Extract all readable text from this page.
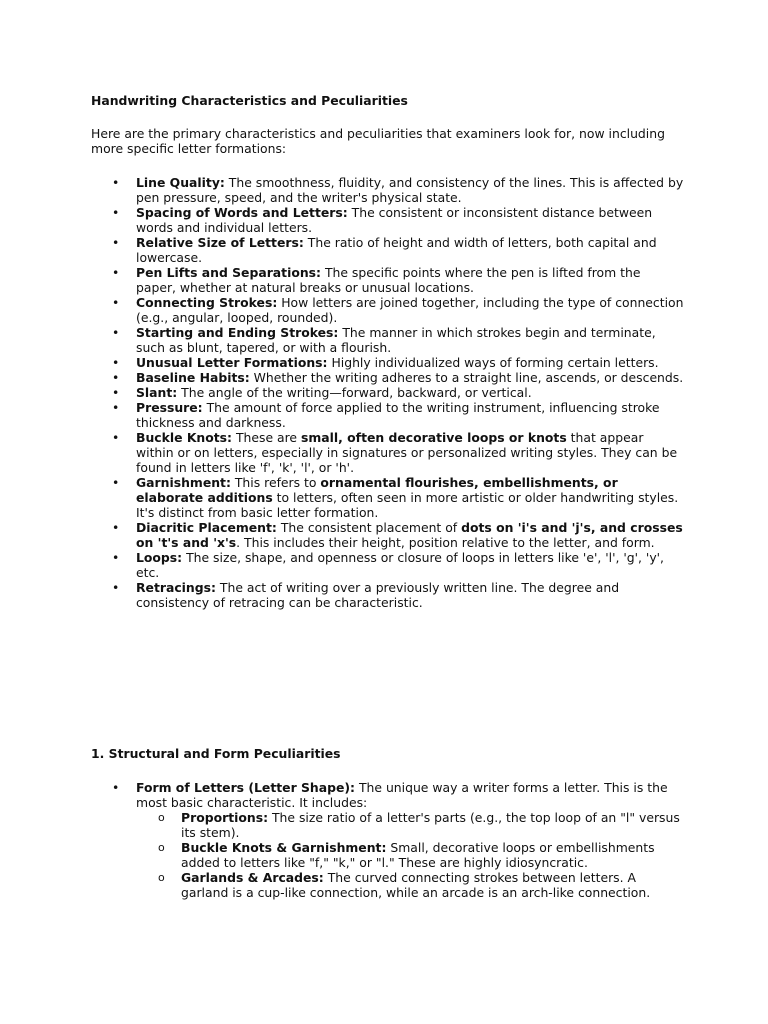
Handwriting Characteristics and Peculiarities

Here are the primary characteristics and peculiarities that examiners look for, now including more specific letter formations:

• Line Quality: The smoothness, fluidity, and consistency of the lines. This is affected by pen pressure, speed, and the writer's physical state.
• Spacing of Words and Letters: The consistent or inconsistent distance between words and individual letters.
• Relative Size of Letters: The ratio of height and width of letters, both capital and lowercase.
• Pen Lifts and Separations: The specific points where the pen is lifted from the paper, whether at natural breaks or unusual locations.
• Connecting Strokes: How letters are joined together, including the type of connection (e.g., angular, looped, rounded).
• Starting and Ending Strokes: The manner in which strokes begin and terminate, such as blunt, tapered, or with a flourish.
• Unusual Letter Formations: Highly individualized ways of forming certain letters.
• Baseline Habits: Whether the writing adheres to a straight line, ascends, or descends.
• Slant: The angle of the writing—forward, backward, or vertical.
• Pressure: The amount of force applied to the writing instrument, influencing stroke thickness and darkness.
• Buckle Knots: These are small, often decorative loops or knots that appear within or on letters, especially in signatures or personalized writing styles. They can be found in letters like 'f', 'k', 'l', or 'h'.
• Garnishment: This refers to ornamental flourishes, embellishments, or elaborate additions to letters, often seen in more artistic or older handwriting styles. It's distinct from basic letter formation.
• Diacritic Placement: The consistent placement of dots on 'i's and 'j's, and crosses on 't's and 'x's. This includes their height, position relative to the letter, and form.
• Loops: The size, shape, and openness or closure of loops in letters like 'e', 'l', 'g', 'y', etc.
• Retracings: The act of writing over a previously written line. The degree and consistency of retracing can be characteristic.
1. Structural and Form Peculiarities
• Form of Letters (Letter Shape): The unique way a writer forms a letter. This is the most basic characteristic. It includes:
o Proportions: The size ratio of a letter's parts (e.g., the top loop of an "l" versus its stem).
o Buckle Knots & Garnishment: Small, decorative loops or embellishments added to letters like "f," "k," or "l." These are highly idiosyncratic.
o Garlands & Arcades: The curved connecting strokes between letters. A garland is a cup-like connection, while an arcade is an arch-like connection.
